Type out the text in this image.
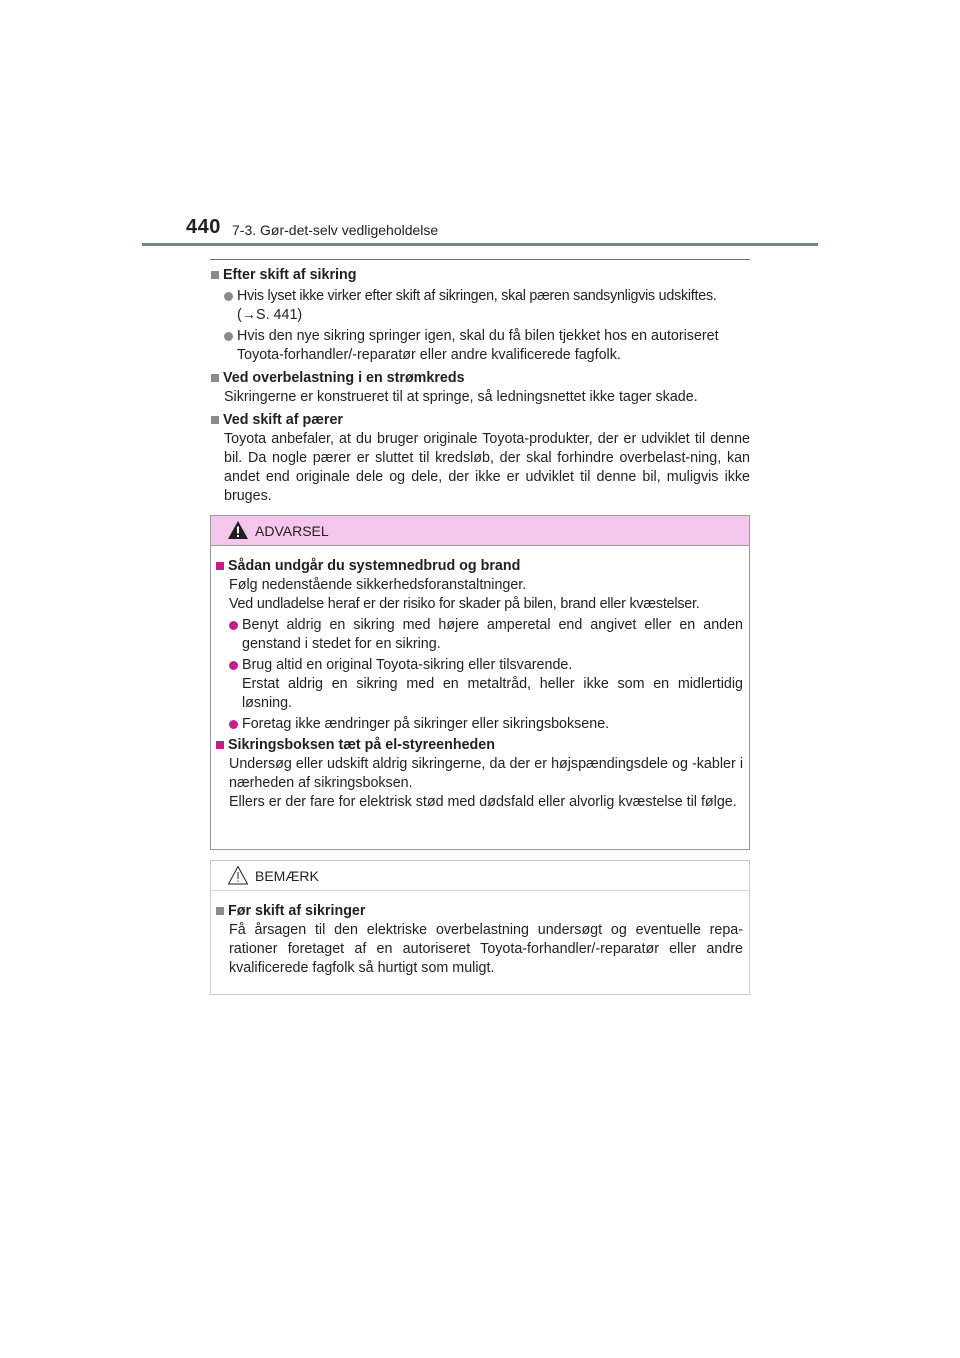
440 7-3. Gør-det-selv vedligeholdelse
Efter skift af sikring
Hvis lyset ikke virker efter skift af sikringen, skal pæren sandsynligvis udskiftes.
(→S. 441)
Hvis den nye sikring springer igen, skal du få bilen tjekket hos en autoriseret
Toyota-forhandler/-reparatør eller andre kvalificerede fagfolk.
Ved overbelastning i en strømkreds
Sikringerne er konstrueret til at springe, så ledningsnettet ikke tager skade.
Ved skift af pærer
Toyota anbefaler, at du bruger originale Toyota-produkter, der er udviklet til denne bil. Da nogle pærer er sluttet til kredsløb, der skal forhindre overbelast-ning, kan andet end originale dele og dele, der ikke er udviklet til denne bil, muligvis ikke bruges.
ADVARSEL
Sådan undgår du systemnedbrud og brand
Følg nedenstående sikkerhedsforanstaltninger.
Ved undladelse heraf er der risiko for skader på bilen, brand eller kvæstelser.
Benyt aldrig en sikring med højere amperetal end angivet eller en anden genstand i stedet for en sikring.
Brug altid en original Toyota-sikring eller tilsvarende.
Erstat aldrig en sikring med en metaltråd, heller ikke som en midlertidig løsning.
Foretag ikke ændringer på sikringer eller sikringsboksene.
Sikringsboksen tæt på el-styreenheden
Undersøg eller udskift aldrig sikringerne, da der er højspændingsdele og -kabler i nærheden af sikringsboksen.
Ellers er der fare for elektrisk stød med dødsfald eller alvorlig kvæstelse til følge.
BEMÆRK
Før skift af sikringer
Få årsagen til den elektriske overbelastning undersøgt og eventuelle repa-rationer foretaget af en autoriseret Toyota-forhandler/-reparatør eller andre kvalificerede fagfolk så hurtigt som muligt.
